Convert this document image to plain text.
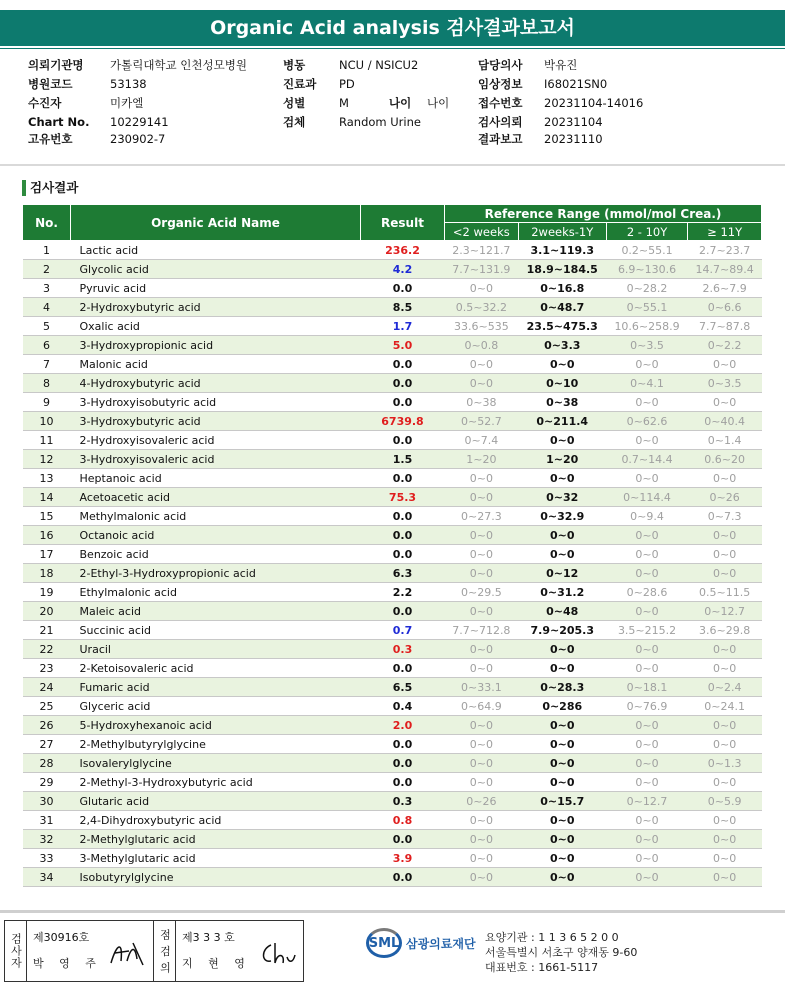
Organic Acid analysis 검사결과보고서
의뢰기관명	가톨릭대학교 인천성모병원
병원코드	53138
수진자	미카엘
Chart No.	10229141
고유번호	230902-7
병동	NCU / NSICU2
진료과	PD
성별	M	나이	나이
검체	Random Urine
담당의사	박유진
임상정보	I68021SN0
접수번호	20231104-14016
검사의뢰	20231104
결과보고	20231110
검사결과
No.	Organic Acid Name	Result	Reference Range (mmol/mol Crea.)			
			<2 weeks	2weeks-1Y	2 - 10Y	≥ 11Y
1	Lactic acid	236.2	2.3~121.7	3.1~119.3	0.2~55.1	2.7~23.7
2	Glycolic acid	4.2	7.7~131.9	18.9~184.5	6.9~130.6	14.7~89.4
3	Pyruvic acid	0.0	0~0	0~16.8	0~28.2	2.6~7.9
4	2-Hydroxybutyric acid	8.5	0.5~32.2	0~48.7	0~55.1	0~6.6
5	Oxalic acid	1.7	33.6~535	23.5~475.3	10.6~258.9	7.7~87.8
6	3-Hydroxypropionic acid	5.0	0~0.8	0~3.3	0~3.5	0~2.2
7	Malonic acid	0.0	0~0	0~0	0~0	0~0
8	4-Hydroxybutyric acid	0.0	0~0	0~10	0~4.1	0~3.5
9	3-Hydroxyisobutyric acid	0.0	0~38	0~38	0~0	0~0
10	3-Hydroxybutyric acid	6739.8	0~52.7	0~211.4	0~62.6	0~40.4
11	2-Hydroxyisovaleric acid	0.0	0~7.4	0~0	0~0	0~1.4
12	3-Hydroxyisovaleric acid	1.5	1~20	1~20	0.7~14.4	0.6~20
13	Heptanoic acid	0.0	0~0	0~0	0~0	0~0
14	Acetoacetic acid	75.3	0~0	0~32	0~114.4	0~26
15	Methylmalonic acid	0.0	0~27.3	0~32.9	0~9.4	0~7.3
16	Octanoic acid	0.0	0~0	0~0	0~0	0~0
17	Benzoic acid	0.0	0~0	0~0	0~0	0~0
18	2-Ethyl-3-Hydroxypropionic acid	6.3	0~0	0~12	0~0	0~0
19	Ethylmalonic acid	2.2	0~29.5	0~31.2	0~28.6	0.5~11.5
20	Maleic acid	0.0	0~0	0~48	0~0	0~12.7
21	Succinic acid	0.7	7.7~712.8	7.9~205.3	3.5~215.2	3.6~29.8
22	Uracil	0.3	0~0	0~0	0~0	0~0
23	2-Ketoisovaleric acid	0.0	0~0	0~0	0~0	0~0
24	Fumaric acid	6.5	0~33.1	0~28.3	0~18.1	0~2.4
25	Glyceric acid	0.4	0~64.9	0~286	0~76.9	0~24.1
26	5-Hydroxyhexanoic acid	2.0	0~0	0~0	0~0	0~0
27	2-Methylbutyrylglycine	0.0	0~0	0~0	0~0	0~0
28	Isovalerylglycine	0.0	0~0	0~0	0~0	0~1.3
29	2-Methyl-3-Hydroxybutyric acid	0.0	0~0	0~0	0~0	0~0
30	Glutaric acid	0.3	0~26	0~15.7	0~12.7	0~5.9
31	2,4-Dihydroxybutyric acid	0.8	0~0	0~0	0~0	0~0
32	2-Methylglutaric acid	0.0	0~0	0~0	0~0	0~0
33	3-Methylglutaric acid	3.9	0~0	0~0	0~0	0~0
34	Isobutyrylglycine	0.0	0~0	0~0	0~0	0~0
검사자 제30916호
박 영 주	점 검 의 제3 3 3 호
지 현 영
SML 삼광의료재단 요양기관 : 1 1 3 6 5 2 0 0
서울특별시 서초구 양재동 9-60
대표번호 : 1661-5117
